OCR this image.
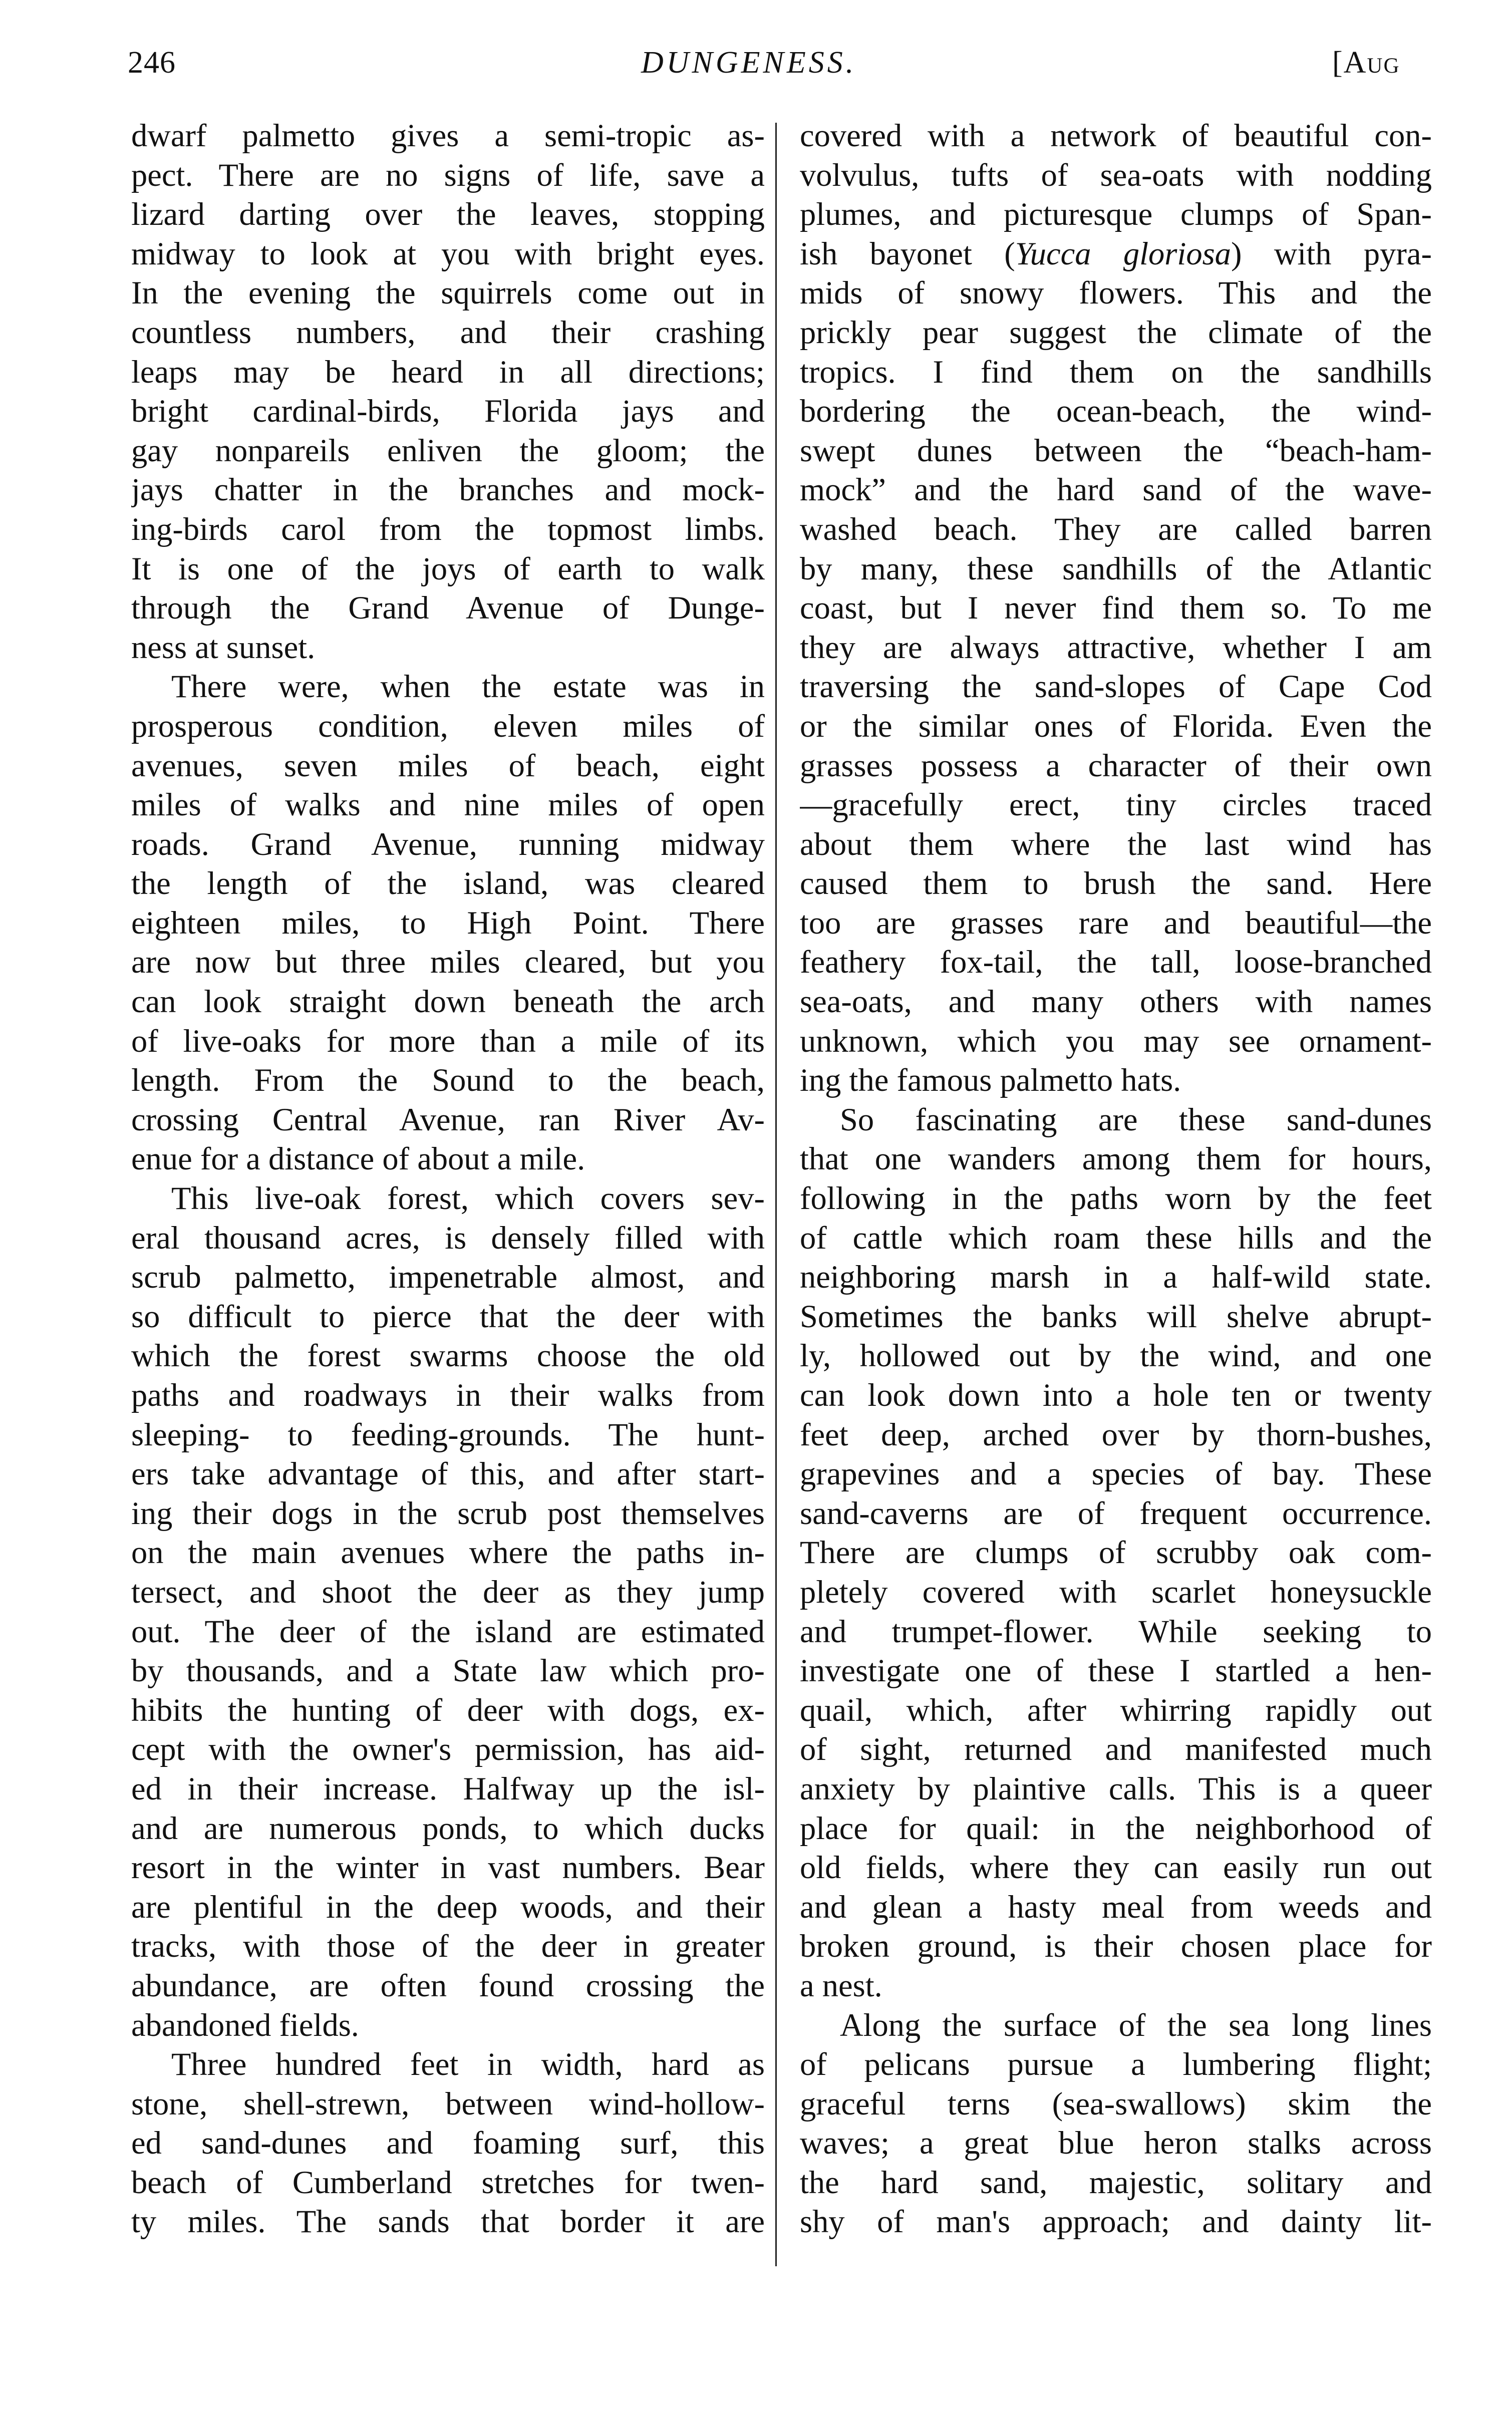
246	DUNGENESS.	[Aug
dwarf palmetto gives a semi-tropic as-
pect. There are no signs of life, save a
lizard darting over the leaves, stopping
midway to look at you with bright eyes.
In the evening the squirrels come out in
countless numbers, and their crashing
leaps may be heard in all directions;
bright cardinal-birds, Florida jays and
gay nonpareils enliven the gloom; the
jays chatter in the branches and mock-
ing-birds carol from the topmost limbs.
It is one of the joys of earth to walk
through the Grand Avenue of Dunge-
ness at sunset.
There were, when the estate was in
prosperous condition, eleven miles of
avenues, seven miles of beach, eight
miles of walks and nine miles of open
roads. Grand Avenue, running midway
the length of the island, was cleared
eighteen miles, to High Point. There
are now but three miles cleared, but you
can look straight down beneath the arch
of live-oaks for more than a mile of its
length. From the Sound to the beach,
crossing Central Avenue, ran River Av-
enue for a distance of about a mile.
This live-oak forest, which covers sev-
eral thousand acres, is densely filled with
scrub palmetto, impenetrable almost, and
so difficult to pierce that the deer with
which the forest swarms choose the old
paths and roadways in their walks from
sleeping- to feeding-grounds. The hunt-
ers take advantage of this, and after start-
ing their dogs in the scrub post themselves
on the main avenues where the paths in-
tersect, and shoot the deer as they jump
out. The deer of the island are estimated
by thousands, and a State law which pro-
hibits the hunting of deer with dogs, ex-
cept with the owner's permission, has aid-
ed in their increase. Halfway up the isl-
and are numerous ponds, to which ducks
resort in the winter in vast numbers. Bear
are plentiful in the deep woods, and their
tracks, with those of the deer in greater
abundance, are often found crossing the
abandoned fields.
Three hundred feet in width, hard as
stone, shell-strewn, between wind-hollow-
ed sand-dunes and foaming surf, this
beach of Cumberland stretches for twen-
ty miles. The sands that border it are
covered with a network of beautiful con-
volvulus, tufts of sea-oats with nodding
plumes, and picturesque clumps of Span-
ish bayonet (Yucca gloriosa) with pyra-
mids of snowy flowers. This and the
prickly pear suggest the climate of the
tropics. I find them on the sandhills
bordering the ocean-beach, the wind-
swept dunes between the “beach-ham-
mock” and the hard sand of the wave-
washed beach. They are called barren
by many, these sandhills of the Atlantic
coast, but I never find them so. To me
they are always attractive, whether I am
traversing the sand-slopes of Cape Cod
or the similar ones of Florida. Even the
grasses possess a character of their own
—gracefully erect, tiny circles traced
about them where the last wind has
caused them to brush the sand. Here
too are grasses rare and beautiful—the
feathery fox-tail, the tall, loose-branched
sea-oats, and many others with names
unknown, which you may see ornament-
ing the famous palmetto hats.
So fascinating are these sand-dunes
that one wanders among them for hours,
following in the paths worn by the feet
of cattle which roam these hills and the
neighboring marsh in a half-wild state.
Sometimes the banks will shelve abrupt-
ly, hollowed out by the wind, and one
can look down into a hole ten or twenty
feet deep, arched over by thorn-bushes,
grapevines and a species of bay. These
sand-caverns are of frequent occurrence.
There are clumps of scrubby oak com-
pletely covered with scarlet honeysuckle
and trumpet-flower. While seeking to
investigate one of these I startled a hen-
quail, which, after whirring rapidly out
of sight, returned and manifested much
anxiety by plaintive calls. This is a queer
place for quail: in the neighborhood of
old fields, where they can easily run out
and glean a hasty meal from weeds and
broken ground, is their chosen place for
a nest.
Along the surface of the sea long lines
of pelicans pursue a lumbering flight;
graceful terns (sea-swallows) skim the
waves; a great blue heron stalks across
the hard sand, majestic, solitary and
shy of man's approach; and dainty lit-
